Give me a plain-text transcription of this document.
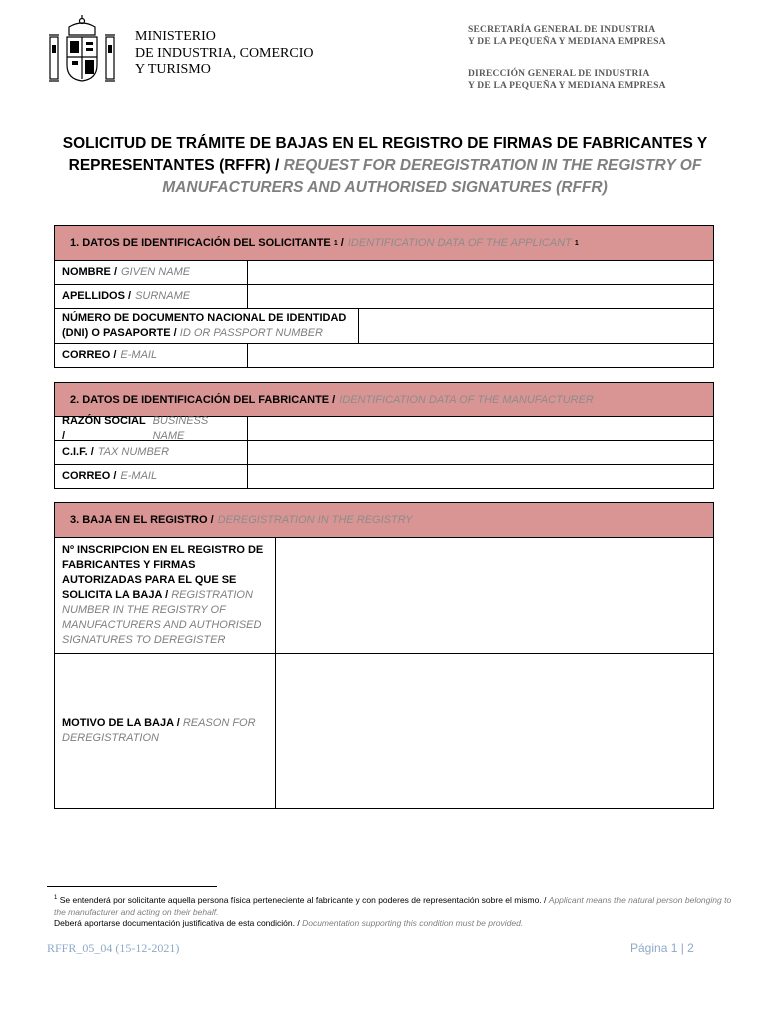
MINISTERIO
DE INDUSTRIA, COMERCIO
Y TURISMO
SECRETARÍA GENERAL DE INDUSTRIA
Y DE LA PEQUEÑA Y MEDIANA EMPRESA
DIRECCIÓN GENERAL DE INDUSTRIA
Y DE LA PEQUEÑA Y MEDIANA EMPRESA
SOLICITUD DE TRÁMITE DE BAJAS EN EL REGISTRO DE FIRMAS DE FABRICANTES Y REPRESENTANTES (RFFR) / REQUEST FOR DEREGISTRATION IN THE REGISTRY OF MANUFACTURERS AND AUTHORISED SIGNATURES (RFFR)
1. DATOS DE IDENTIFICACIÓN DEL SOLICITANTE
1
/ IDENTIFICATION DATA OF THE APPLICANT
1
NOMBRE / GIVEN NAME
APELLIDOS / SURNAME
NÚMERO DE DOCUMENTO NACIONAL DE IDENTIDAD (DNI) O PASAPORTE / ID OR PASSPORT NUMBER
CORREO / E-MAIL
2. DATOS DE IDENTIFICACIÓN DEL FABRICANTE / IDENTIFICATION DATA OF THE MANUFACTURER
RAZÓN SOCIAL /
BUSINESS NAME
C.I.F. / TAX NUMBER
CORREO / E-MAIL
3. BAJA EN EL REGISTRO / DEREGISTRATION IN THE REGISTRY
Nº INSCRIPCION EN EL REGISTRO DE FABRICANTES Y FIRMAS AUTORIZADAS PARA EL QUE SE SOLICITA LA BAJA / REGISTRATION NUMBER IN THE REGISTRY OF MANUFACTURERS AND AUTHORISED SIGNATURES TO DEREGISTER
MOTIVO DE LA BAJA / REASON FOR DEREGISTRATION
$^1$ Se entenderá por solicitante aquella persona física perteneciente al fabricante y con poderes de representación sobre el mismo. / Applicant means the natural person belonging to the manufacturer and acting on their behalf.
Deberá aportarse documentación justificativa de esta condición. / Documentation supporting this condition must be provided.
RFFR_05_04 (15-12-2021)	Página 1 | 2
